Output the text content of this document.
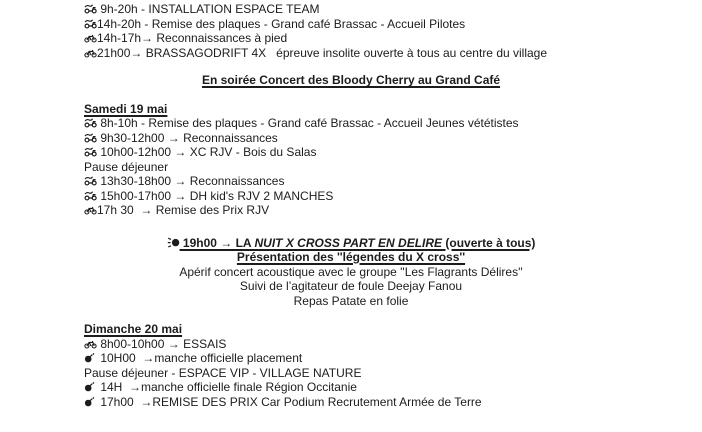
9h-20h - INSTALLATION ESPACE TEAM

14h-20h - Remise des plaques - Grand café Brassac - Accueil Pilotes

14h-17h→ Reconnaissances à pied

21h00→ BRASSAGODRIFT 4X   épreuve insolite ouverte à tous au centre du village

En soirée Concert des Bloody Cherry au Grand Café

Samedi 19 mai

8h-10h - Remise des plaques - Grand café Brassac - Accueil Jeunes vététistes

9h30-12h00 → Reconnaissances

10h00-12h00 → XC RJV - Bois du Salas

Pause déjeuner

13h30-18h00 → Reconnaissances

15h00-17h00 → DH kid's RJV 2 MANCHES

17h 30  → Remise des Prix RJV

19h00 → LA NUIT X CROSS PART EN DELIRE (ouverte à tous)

Présentation des ''légendes du X cross''

Apérif concert acoustique avec le groupe ''Les Flagrants Délires''

Suivi de l’agitateur de foule Deejay Fanou

Repas Patate en folie

Dimanche 20 mai

8h00-10h00 → ESSAIS

10H00  →manche officielle placement

Pause déjeuner - ESPACE VIP - VILLAGE NATURE

14H  →manche officielle finale Région Occitanie

17h00  →REMISE DES PRIX Car Podium Recrutement Armée de Terre
